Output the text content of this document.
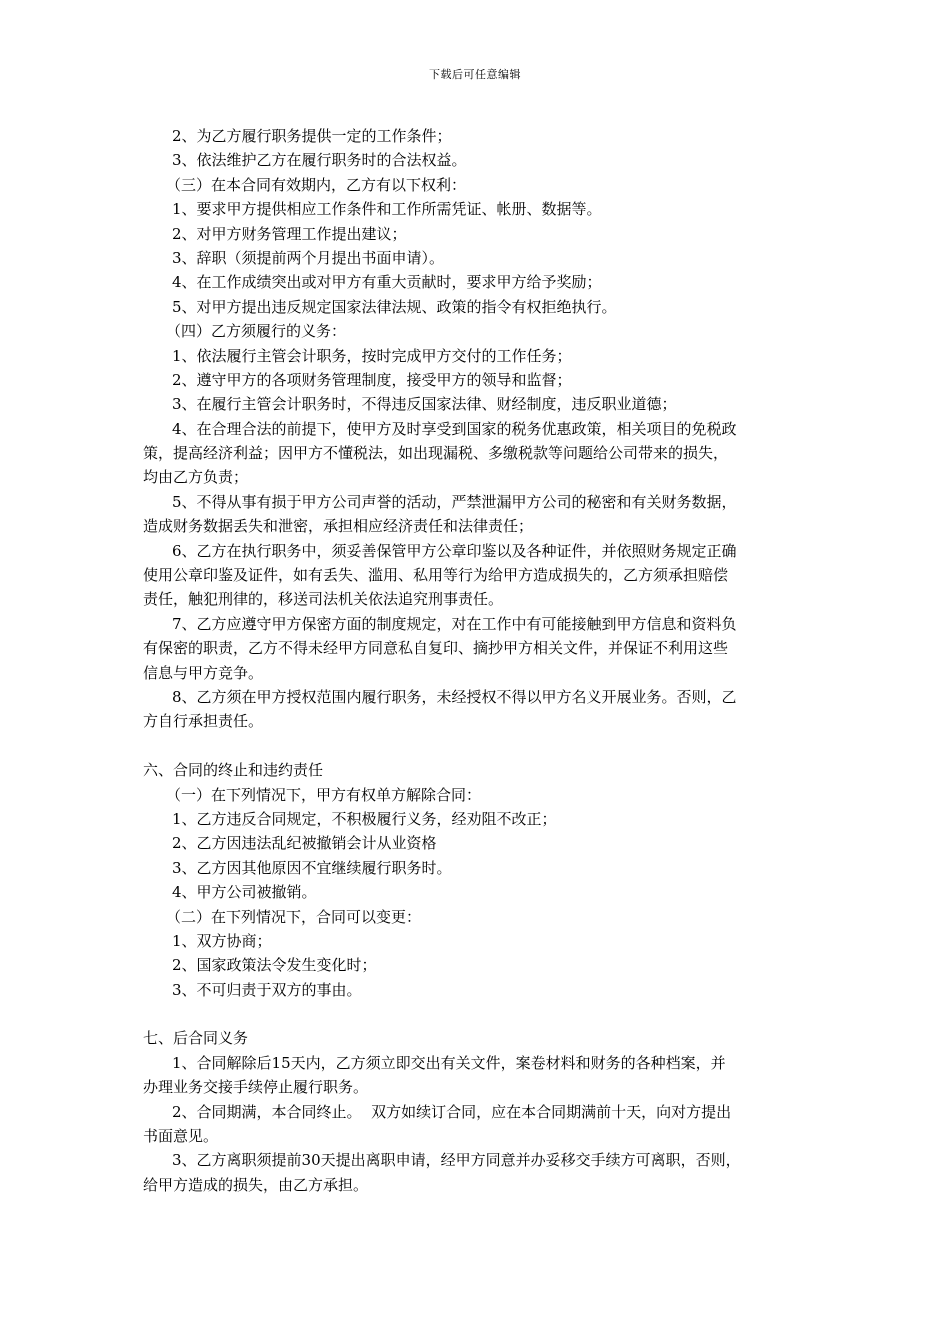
下载后可任意编辑
2、为乙方履行职务提供一定的工作条件；
3、依法维护乙方在履行职务时的合法权益。
（三）在本合同有效期内，乙方有以下权利：
1、要求甲方提供相应工作条件和工作所需凭证、帐册、数据等。
2、对甲方财务管理工作提出建议；
3、辞职（须提前两个月提出书面申请）。
4、在工作成绩突出或对甲方有重大贡献时，要求甲方给予奖励；
5、对甲方提出违反规定国家法律法规、政策的指令有权拒绝执行。
（四）乙方须履行的义务：
1、依法履行主管会计职务，按时完成甲方交付的工作任务；
2、遵守甲方的各项财务管理制度，接受甲方的领导和监督；
3、在履行主管会计职务时，不得违反国家法律、财经制度，违反职业道德；
4、在合理合法的前提下，使甲方及时享受到国家的税务优惠政策，相关项目的免税政
策，提高经济利益；因甲方不懂税法，如出现漏税、多缴税款等问题给公司带来的损失，
均由乙方负责；
5、不得从事有损于甲方公司声誉的活动，严禁泄漏甲方公司的秘密和有关财务数据，
造成财务数据丢失和泄密，承担相应经济责任和法律责任；
6、乙方在执行职务中，须妥善保管甲方公章印鉴以及各种证件，并依照财务规定正确
使用公章印鉴及证件，如有丢失、滥用、私用等行为给甲方造成损失的，乙方须承担赔偿
责任，触犯刑律的，移送司法机关依法追究刑事责任。
7、乙方应遵守甲方保密方面的制度规定，对在工作中有可能接触到甲方信息和资料负
有保密的职责，乙方不得未经甲方同意私自复印、摘抄甲方相关文件，并保证不利用这些
信息与甲方竞争。
8、乙方须在甲方授权范围内履行职务，未经授权不得以甲方名义开展业务。否则，乙
方自行承担责任。
六、合同的终止和违约责任
（一）在下列情况下，甲方有权单方解除合同：
1、乙方违反合同规定，不积极履行义务，经劝阻不改正；
2、乙方因违法乱纪被撤销会计从业资格
3、乙方因其他原因不宜继续履行职务时。
4、甲方公司被撤销。
（二）在下列情况下，合同可以变更：
1、双方协商；
2、国家政策法令发生变化时；
3、不可归责于双方的事由。
七、后合同义务
1、合同解除后15天内，乙方须立即交出有关文件，案卷材料和财务的各种档案，并
办理业务交接手续停止履行职务。
2、合同期满，本合同终止。  双方如续订合同，应在本合同期满前十天，向对方提出
书面意见。
3、乙方离职须提前30天提出离职申请，经甲方同意并办妥移交手续方可离职，否则，
给甲方造成的损失，由乙方承担。
